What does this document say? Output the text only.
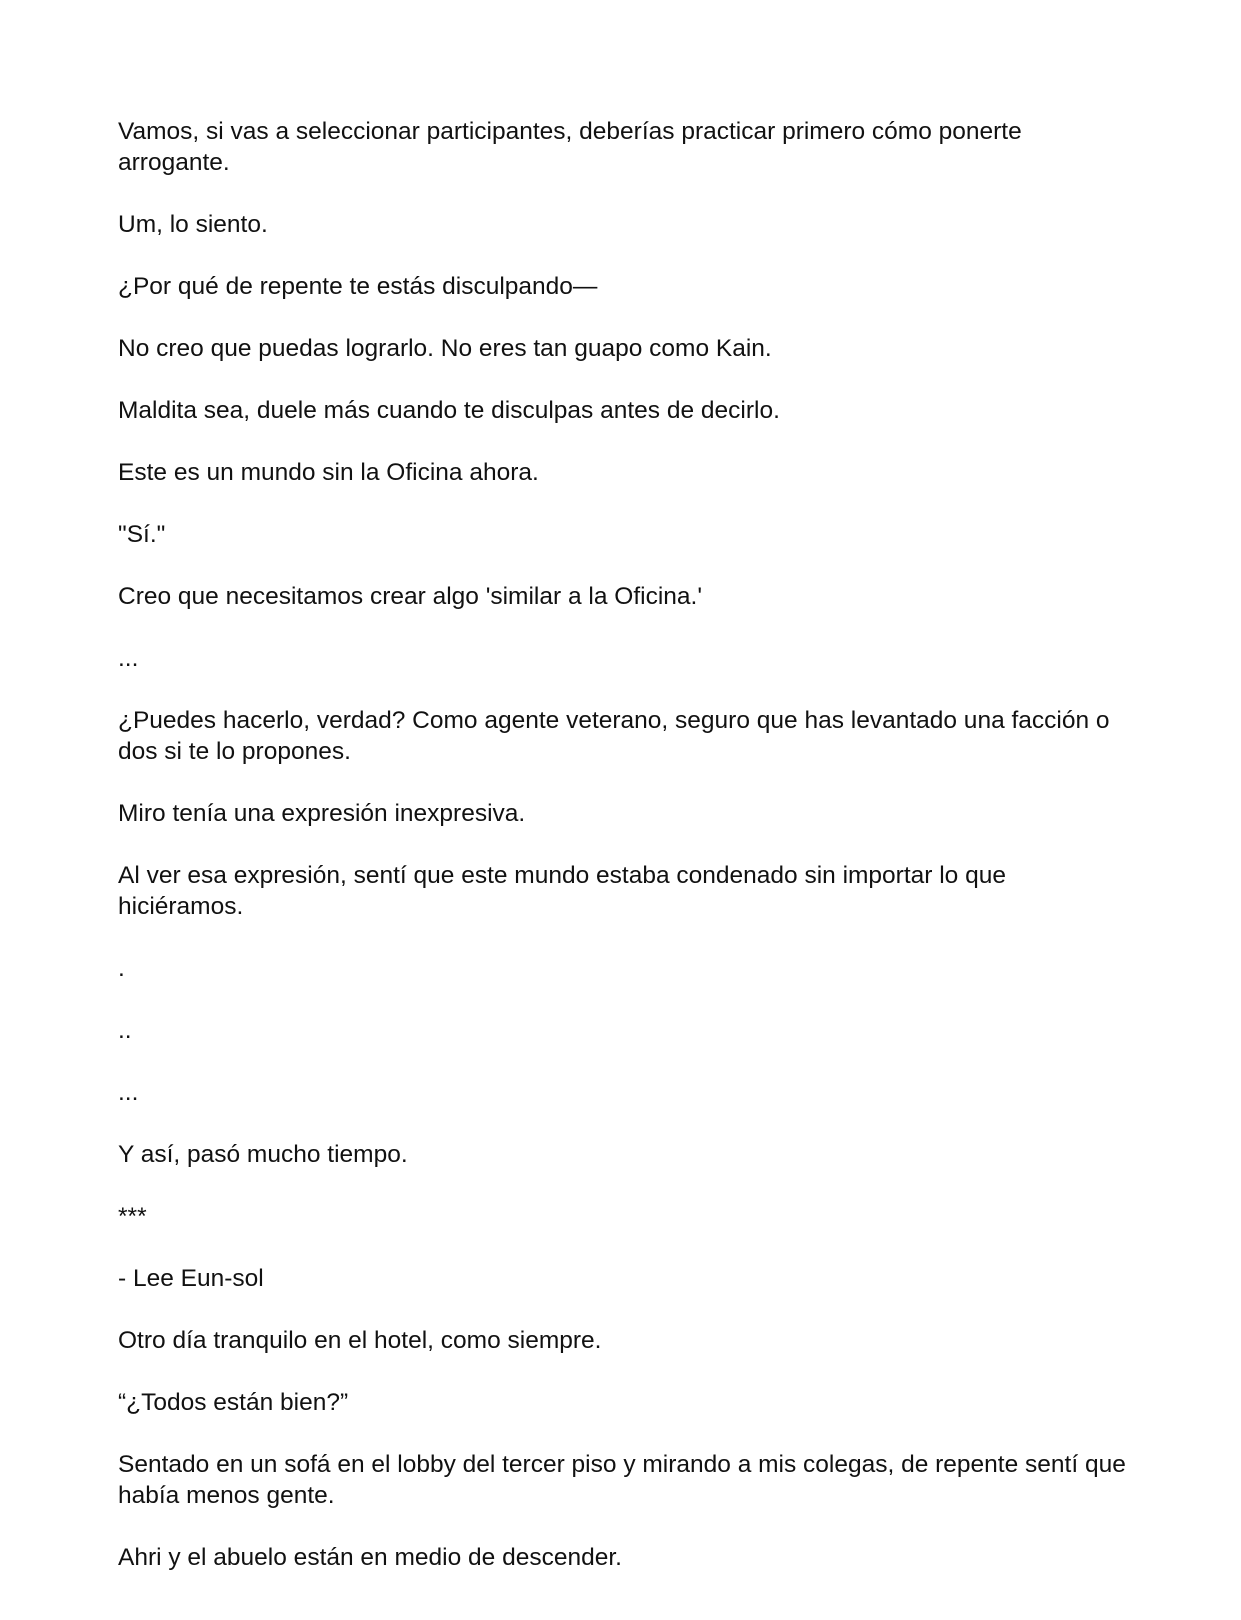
Vamos, si vas a seleccionar participantes, deberías practicar primero cómo ponerte arrogante.

Um, lo siento.

¿Por qué de repente te estás disculpando—

No creo que puedas lograrlo. No eres tan guapo como Kain.

Maldita sea, duele más cuando te disculpas antes de decirlo.

Este es un mundo sin la Oficina ahora.

"Sí."

Creo que necesitamos crear algo 'similar a la Oficina.'

...

¿Puedes hacerlo, verdad? Como agente veterano, seguro que has levantado una facción o dos si te lo propones.

Miro tenía una expresión inexpresiva.

Al ver esa expresión, sentí que este mundo estaba condenado sin importar lo que hiciéramos.

.

..

...

Y así, pasó mucho tiempo.

***

- Lee Eun-sol

Otro día tranquilo en el hotel, como siempre.

“¿Todos están bien?”

Sentado en un sofá en el lobby del tercer piso y mirando a mis colegas, de repente sentí que había menos gente.

Ahri y el abuelo están en medio de descender.
